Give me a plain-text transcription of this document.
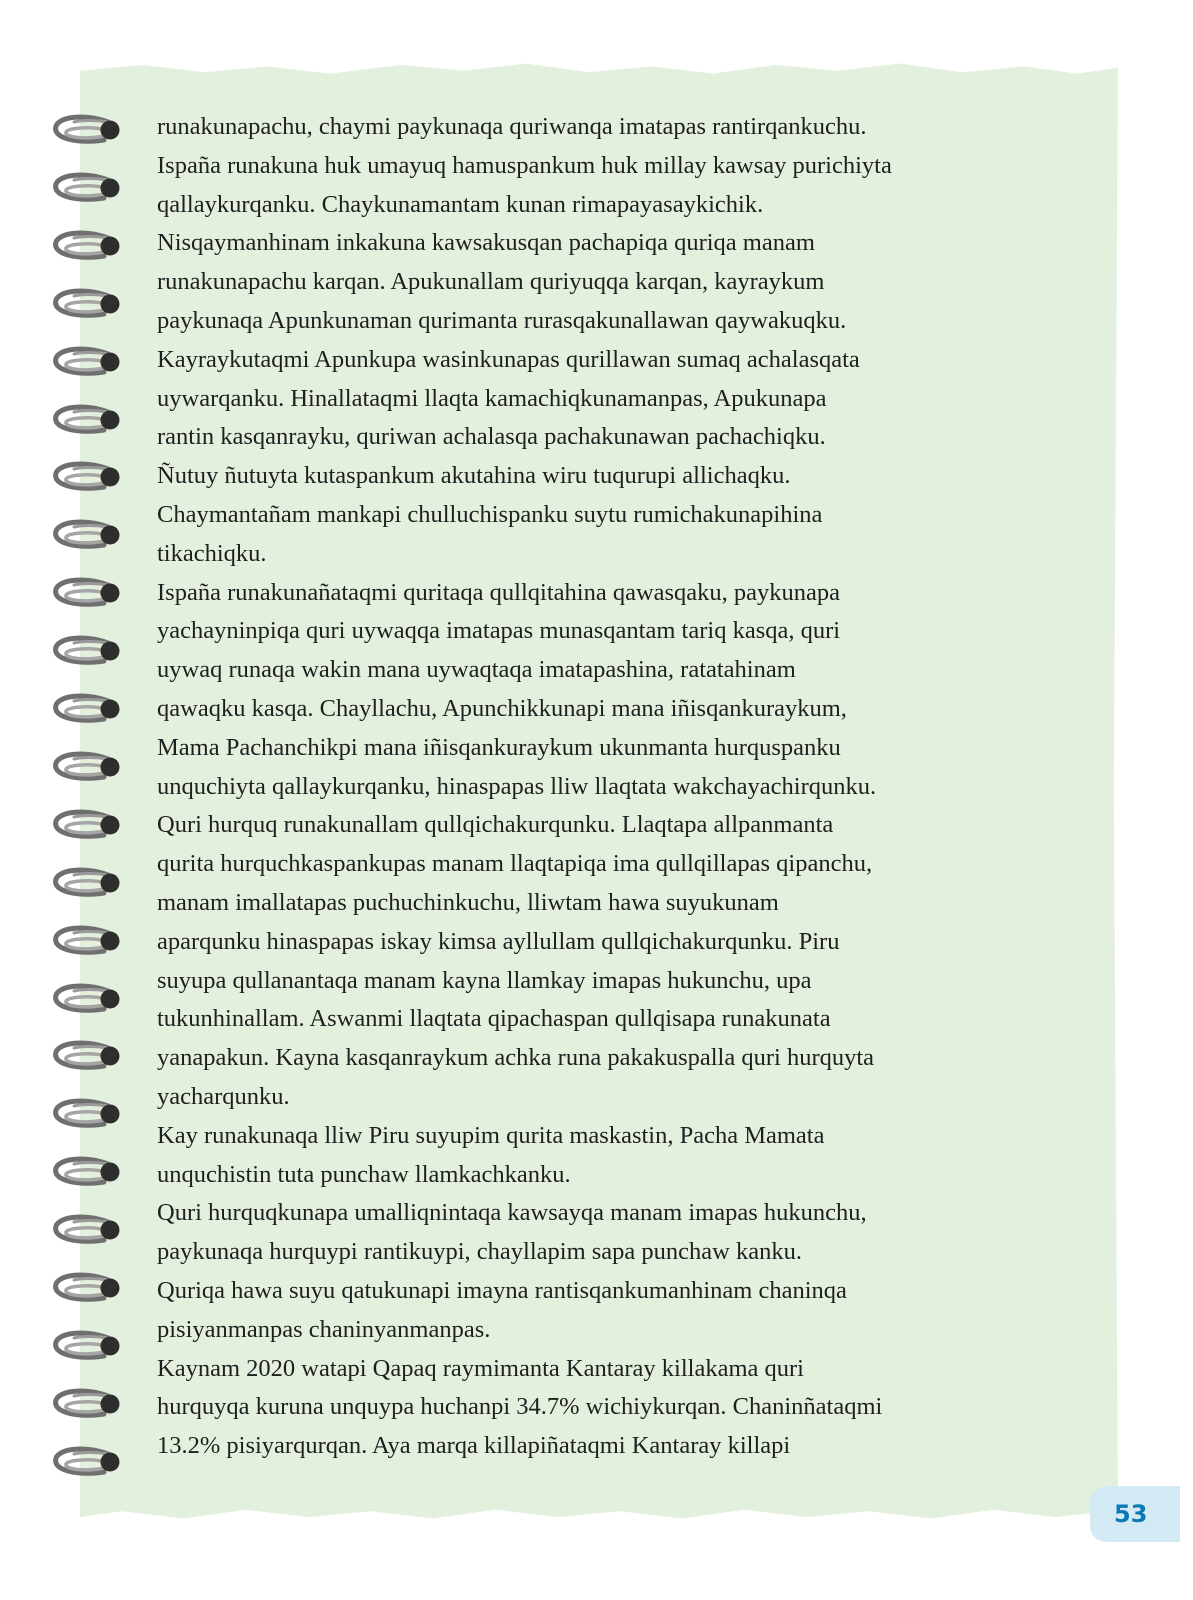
runakunapachu, chaymi paykunaqa quriwanqa imatapas rantirqankuchu.

Ispaña runakuna huk umayuq hamuspankum huk millay kawsay purichiyta

qallaykurqanku. Chaykunamantam kunan rimapayasaykichik.

Nisqaymanhinam inkakuna kawsakusqan pachapiqa quriqa manam

runakunapachu karqan. Apukunallam quriyuqqa karqan, kayraykum

paykunaqa Apunkunaman qurimanta rurasqakunallawan qaywakuqku.

Kayraykutaqmi Apunkupa wasinkunapas qurillawan sumaq achalasqata

uywarqanku. Hinallataqmi llaqta kamachiqkunamanpas, Apukunapa

rantin kasqanrayku, quriwan achalasqa pachakunawan pachachiqku.

Ñutuy ñutuyta kutaspankum akutahina wiru tuqurupi allichaqku.

Chaymantañam mankapi chulluchispanku suytu rumichakunapihina

tikachiqku.

Ispaña runakunañataqmi quritaqa qullqitahina qawasqaku, paykunapa

yachayninpiqa quri uywaqqa imatapas munasqantam tariq kasqa, quri

uywaq runaqa wakin mana uywaqtaqa imatapashina, ratatahinam

qawaqku kasqa. Chayllachu, Apunchikkunapi mana iñisqankuraykum,

Mama Pachanchikpi mana iñisqankuraykum ukunmanta hurquspanku

unquchiyta qallaykurqanku, hinaspapas lliw llaqtata wakchayachirqunku.

Quri hurquq runakunallam qullqichakurqunku. Llaqtapa allpanmanta

qurita hurquchkaspankupas manam llaqtapiqa ima qullqillapas qipanchu,

manam imallatapas puchuchinkuchu, lliwtam hawa suyukunam

aparqunku hinaspapas iskay kimsa ayllullam qullqichakurqunku. Piru

suyupa qullanantaqa manam kayna llamkay imapas hukunchu, upa

tukunhinallam. Aswanmi llaqtata qipachaspan qullqisapa runakunata

yanapakun. Kayna kasqanraykum achka runa pakakuspalla quri hurquyta

yacharqunku.

Kay runakunaqa lliw Piru suyupim qurita maskastin, Pacha Mamata

unquchistin tuta punchaw llamkachkanku.

Quri hurquqkunapa umalliqnintaqa kawsayqa manam imapas hukunchu,

paykunaqa hurquypi rantikuypi, chayllapim sapa punchaw kanku.

Quriqa hawa suyu qatukunapi imayna rantisqankumanhinam chaninqa

pisiyanmanpas chaninyanmanpas.

Kaynam 2020 watapi Qapaq raymimanta Kantaray killakama quri

hurquyqa kuruna unquypa huchanpi 34.7% wichiykurqan. Chaninñataqmi

13.2% pisiyarqurqan. Aya marqa killapiñataqmi Kantaray killapi

53
